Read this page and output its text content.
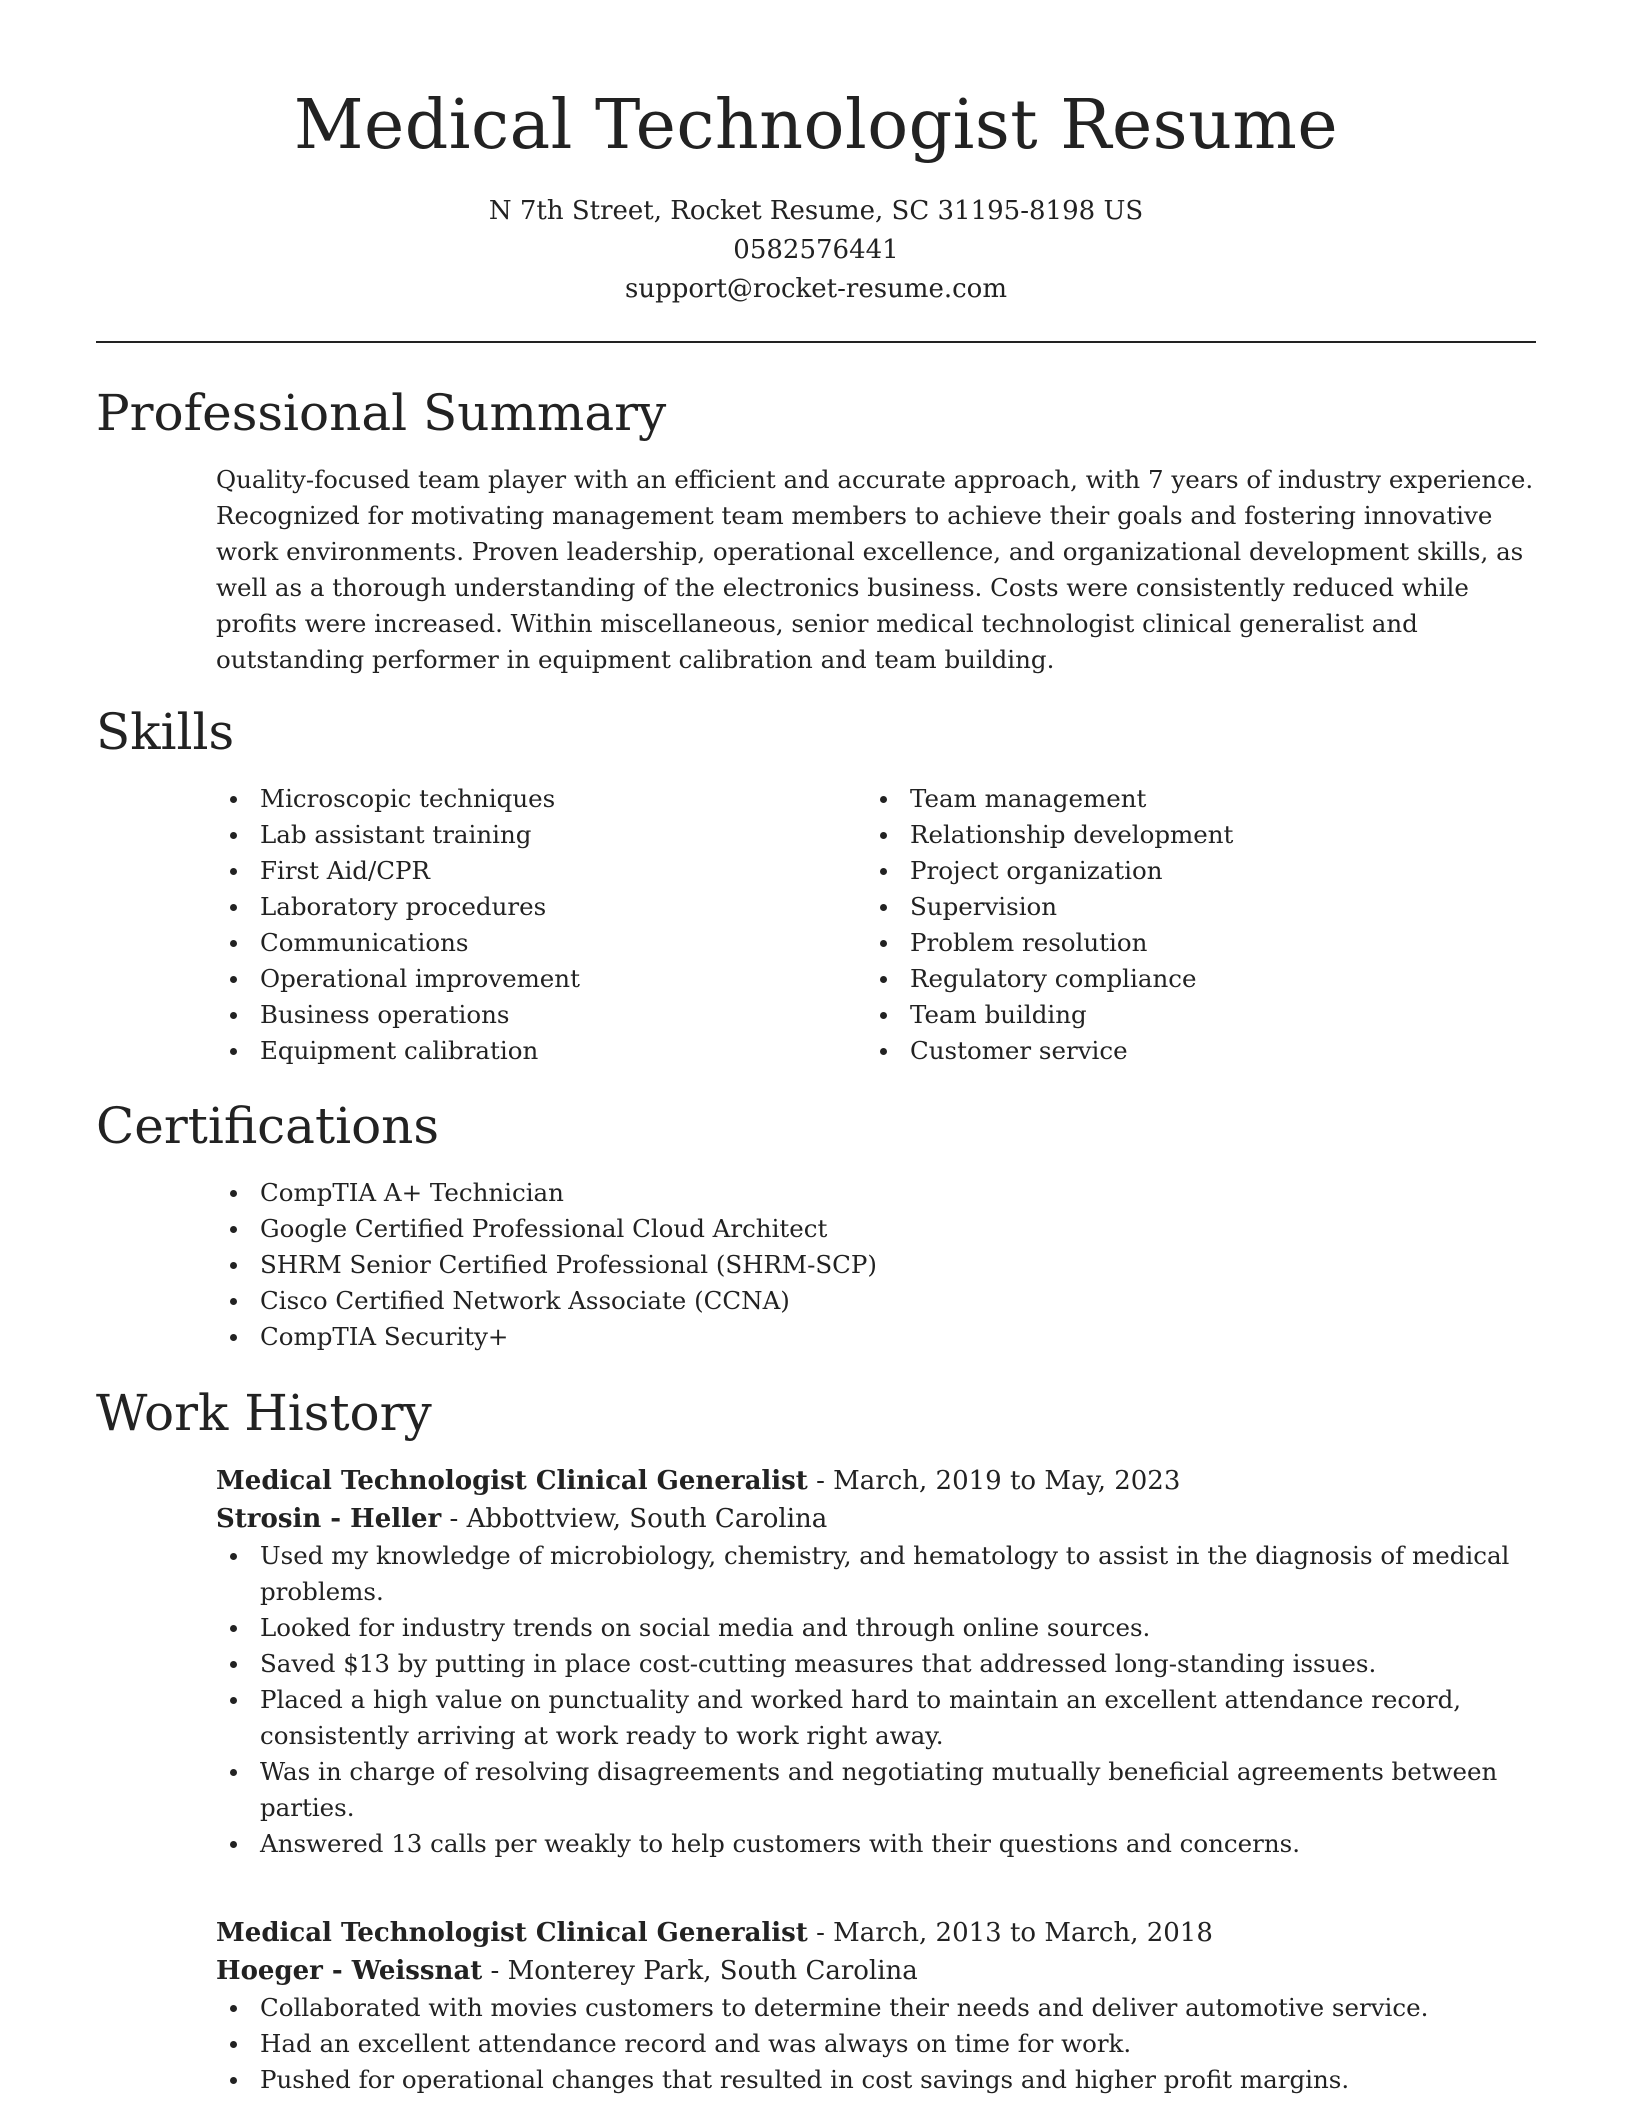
Medical Technologist Resume
N 7th Street, Rocket Resume, SC 31195-8198 US
0582576441
support@rocket-resume.com
Professional Summary

Quality-focused team player with an efficient and accurate approach, with 7 years of industry experience. Recognized for motivating management team members to achieve their goals and fostering innovative work environments. Proven leadership, operational excellence, and organizational development skills, as well as a thorough understanding of the electronics business. Costs were consistently reduced while profits were increased. Within miscellaneous, senior medical technologist clinical generalist and outstanding performer in equipment calibration and team building.

Skills
Microscopic techniques
Lab assistant training
First Aid/CPR
Laboratory procedures
Communications
Operational improvement
Business operations
Equipment calibration
Team management
Relationship development
Project organization
Supervision
Problem resolution
Regulatory compliance
Team building
Customer service
Certifications
CompTIA A+ Technician
Google Certified Professional Cloud Architect
SHRM Senior Certified Professional (SHRM-SCP)
Cisco Certified Network Associate (CCNA)
CompTIA Security+
Work History
Medical Technologist Clinical Generalist - March, 2019 to May, 2023
Strosin - Heller - Abbottview, South Carolina
Used my knowledge of microbiology, chemistry, and hematology to assist in the diagnosis of medical problems.
Looked for industry trends on social media and through online sources.
Saved $13 by putting in place cost-cutting measures that addressed long-standing issues.
Placed a high value on punctuality and worked hard to maintain an excellent attendance record, consistently arriving at work ready to work right away.
Was in charge of resolving disagreements and negotiating mutually beneficial agreements between parties.
Answered 13 calls per weakly to help customers with their questions and concerns.
Medical Technologist Clinical Generalist - March, 2013 to March, 2018
Hoeger - Weissnat - Monterey Park, South Carolina
Collaborated with movies customers to determine their needs and deliver automotive service.
Had an excellent attendance record and was always on time for work.
Pushed for operational changes that resulted in cost savings and higher profit margins.
